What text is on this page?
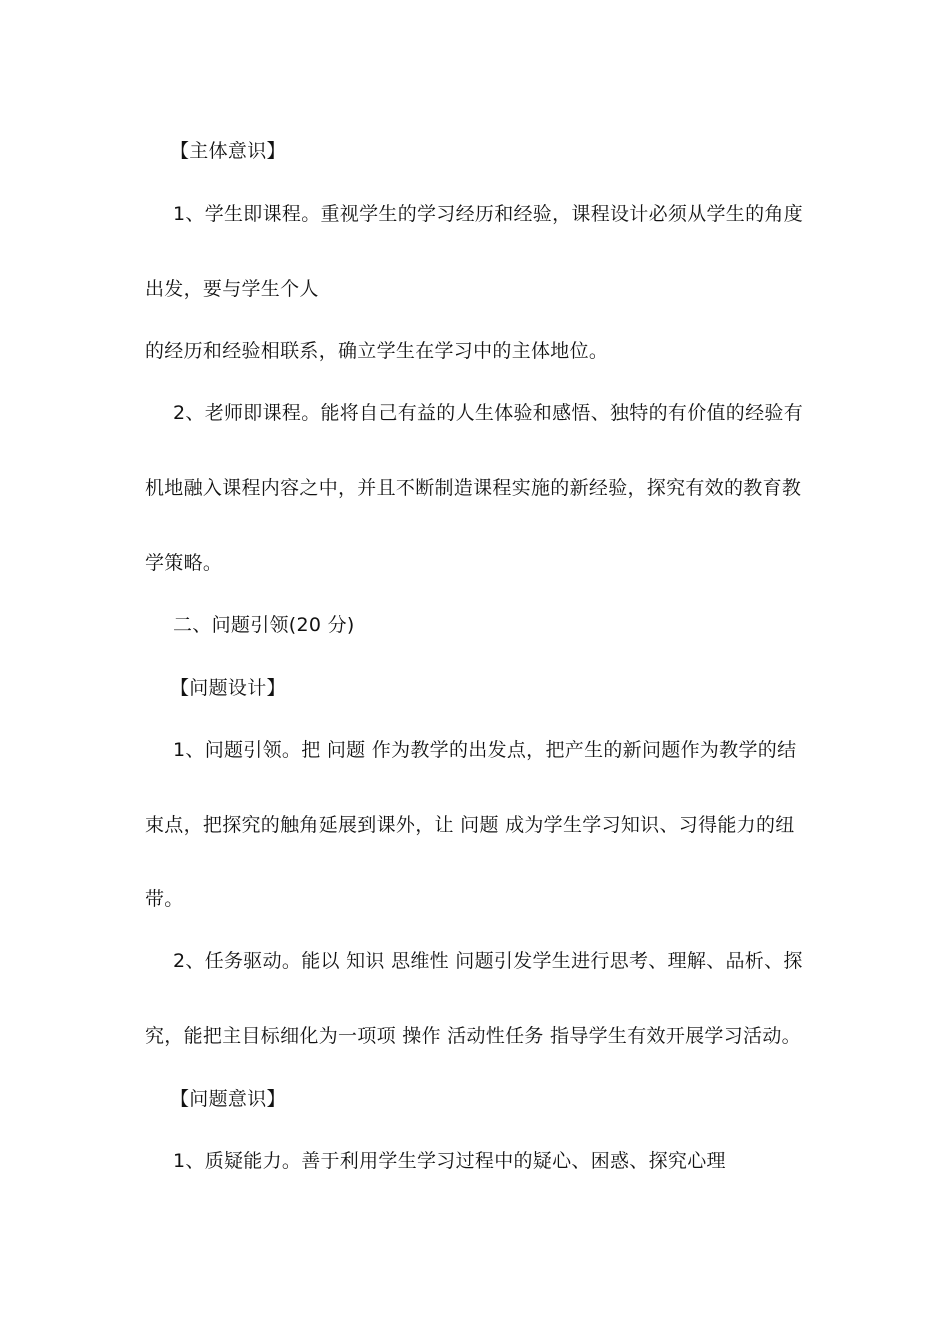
【主体意识】

1、学生即课程。重视学生的学习经历和经验，课程设计必须从学生的角度

出发，要与学生个人

的经历和经验相联系，确立学生在学习中的主体地位。

2、老师即课程。能将自己有益的人生体验和感悟、独特的有价值的经验有

机地融入课程内容之中，并且不断制造课程实施的新经验，探究有效的教育教

学策略。

二、问题引领(20 分)

【问题设计】

1、问题引领。把 问题 作为教学的出发点，把产生的新问题作为教学的结

束点，把探究的触角延展到课外，让 问题 成为学生学习知识、习得能力的纽

带。

2、任务驱动。能以 知识 思维性 问题引发学生进行思考、理解、品析、探

究，能把主目标细化为一项项 操作 活动性任务 指导学生有效开展学习活动。

【问题意识】

1、质疑能力。善于利用学生学习过程中的疑心、困惑、探究心理
